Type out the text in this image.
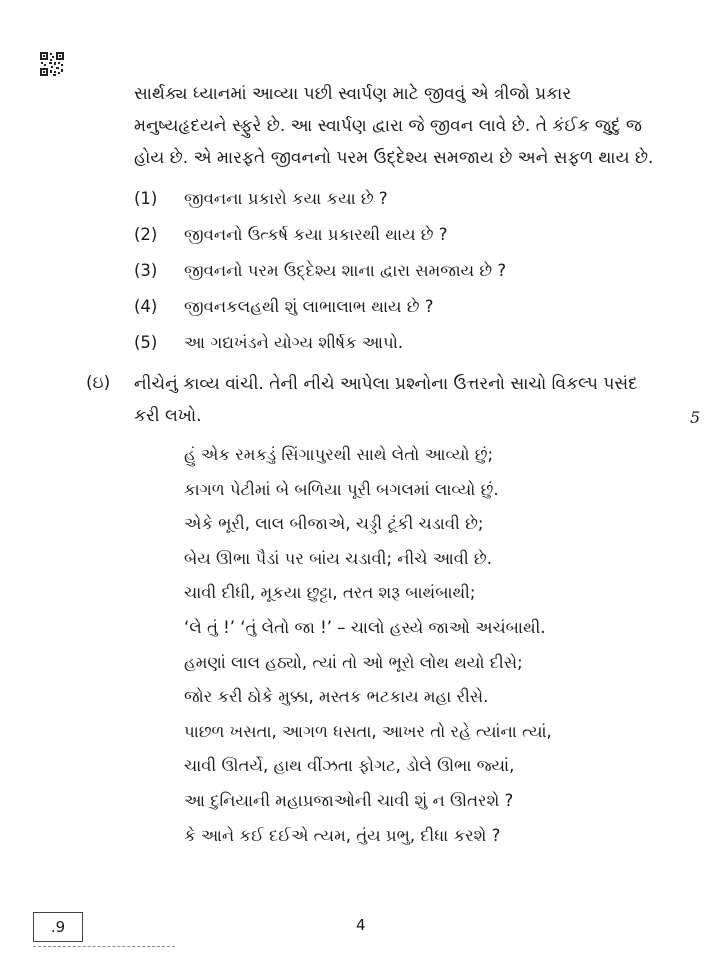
સાર્થક્ય ધ્યાનમાં આવ્યા પછી સ્વાર્પણ માટે જીવવું એ ત્રીજો પ્રકાર
મનુષ્યહૃદયને સ્ફુરે છે. આ સ્વાર્પણ દ્વારા જે જીવન લાવે છે. તે કંઈક જુદું જ
હોય છે. એ મારફતે જીવનનો પરમ ઉદ્દેશ્ય સમજાય છે અને સફળ થાય છે.
(1) જીવનના પ્રકારો કયા કયા છે ?
(2) જીવનનો ઉત્કર્ષ કયા પ્રકારથી થાય છે ?
(3) જીવનનો પરમ ઉદ્દેશ્ય શાના દ્વારા સમજાય છે ?
(4) જીવનકલહથી શું લાભાલાભ થાય છે ?
(5) આ ગદ્યખંડને યોગ્ય શીર્ષક આપો.
(ઇ) નીચેનું કાવ્ય વાંચી. તેની નીચે આપેલા પ્રશ્નોના ઉત્તરનો સાચો વિકલ્પ પસંદ
કરી લખો.	5
હું એક રમકડું સિંગાપુરથી સાથે લેતો આવ્યો છું;
કાગળ પેટીમાં બે બળિયા પૂરી બગલમાં લાવ્યો છું.
એકે ભૂરી, લાલ બીજાએ, ચડ્ડી ટૂંકી ચડાવી છે;
બેય ઊભા પૈડાં પર બાંય ચડાવી; નીચે આવી છે.
ચાવી દીધી, મૂકયા છુટ્ટા, તરત શરૂ બાથંબાથી;
‘લે તું !’ ‘તું લેતો જા !’ – ચાલો હસ્યે જાઓ અચંબાથી.
હમણાં લાલ હઠ્યો, ત્યાં તો ઓ ભૂરો લોથ થયો દીસે;
જોર કરી ઠોકે મુક્કા, મસ્તક ભટકાય મહા રીસે.
પાછળ ખસતા, આગળ ધસતા, આખર તો રહે ત્યાંના ત્યાં,
ચાવી ઊતર્યે, હાથ વીંઝતા ફોગટ, ડોલે ઊભા જ્યાં,
આ દુનિયાની મહાપ્રજાઓની ચાવી શું ન ઊતરશે ?
કે આને કઈ દઈએ ત્યમ, તુંય પ્રભુ, દીધા કરશે ?
.9	4
